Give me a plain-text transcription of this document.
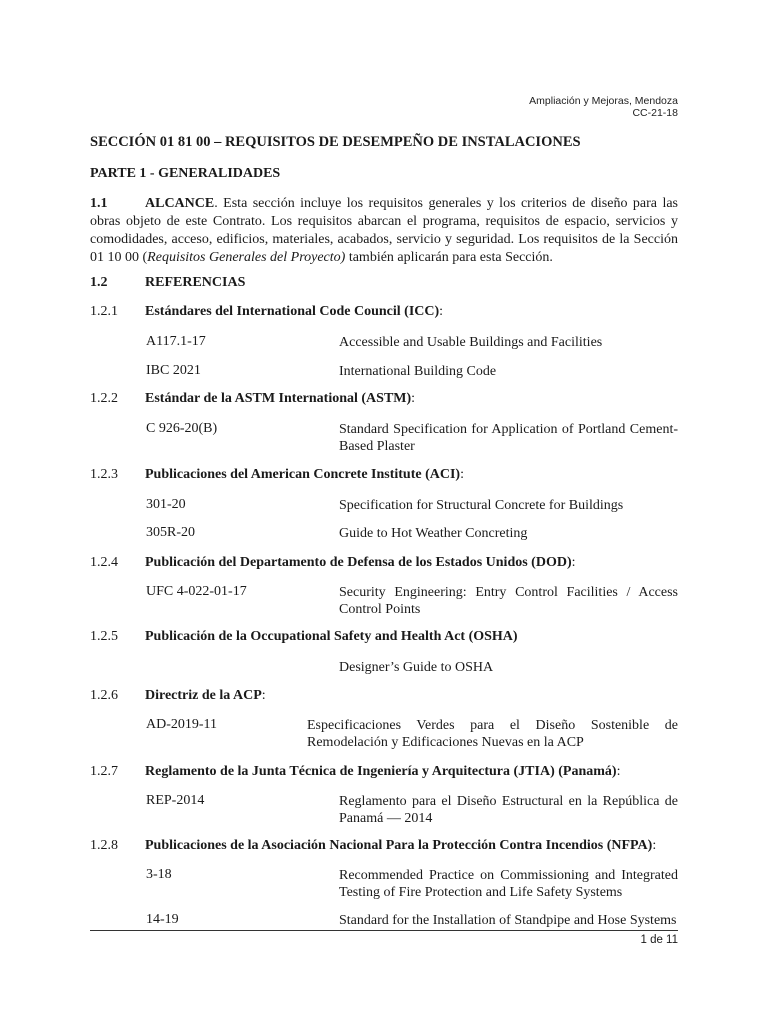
Ampliación y Mejoras, Mendoza
CC-21-18
SECCIÓN 01 81 00 – REQUISITOS DE DESEMPEÑO DE INSTALACIONES
PARTE 1 - GENERALIDADES
1.1	ALCANCE. Esta sección incluye los requisitos generales y los criterios de diseño para las obras objeto de este Contrato. Los requisitos abarcan el programa, requisitos de espacio, servicios y comodidades, acceso, edificios, materiales, acabados, servicio y seguridad. Los requisitos de la Sección 01 10 00 (Requisitos Generales del Proyecto) también aplicarán para esta Sección.
1.2	REFERENCIAS
1.2.1 Estándares del International Code Council (ICC):
A117.1-17	Accessible and Usable Buildings and Facilities
IBC 2021	International Building Code
1.2.2 Estándar de la ASTM International (ASTM):
C 926-20(B)	Standard Specification for Application of Portland Cement-Based Plaster
1.2.3 Publicaciones del American Concrete Institute (ACI):
301-20	Specification for Structural Concrete for Buildings
305R-20	Guide to Hot Weather Concreting
1.2.4 Publicación del Departamento de Defensa de los Estados Unidos (DOD):
UFC 4-022-01-17	Security Engineering: Entry Control Facilities / Access Control Points
1.2.5 Publicación de la Occupational Safety and Health Act (OSHA)
Designer’s Guide to OSHA
1.2.6 Directriz de la ACP:
AD-2019-11	Especificaciones Verdes para el Diseño Sostenible de Remodelación y Edificaciones Nuevas en la ACP
1.2.7 Reglamento de la Junta Técnica de Ingeniería y Arquitectura (JTIA) (Panamá):
REP-2014	Reglamento para el Diseño Estructural en la República de Panamá — 2014
1.2.8 Publicaciones de la Asociación Nacional Para la Protección Contra Incendios (NFPA):
3-18	Recommended Practice on Commissioning and Integrated Testing of Fire Protection and Life Safety Systems
14-19	Standard for the Installation of Standpipe and Hose Systems
1 de 11
